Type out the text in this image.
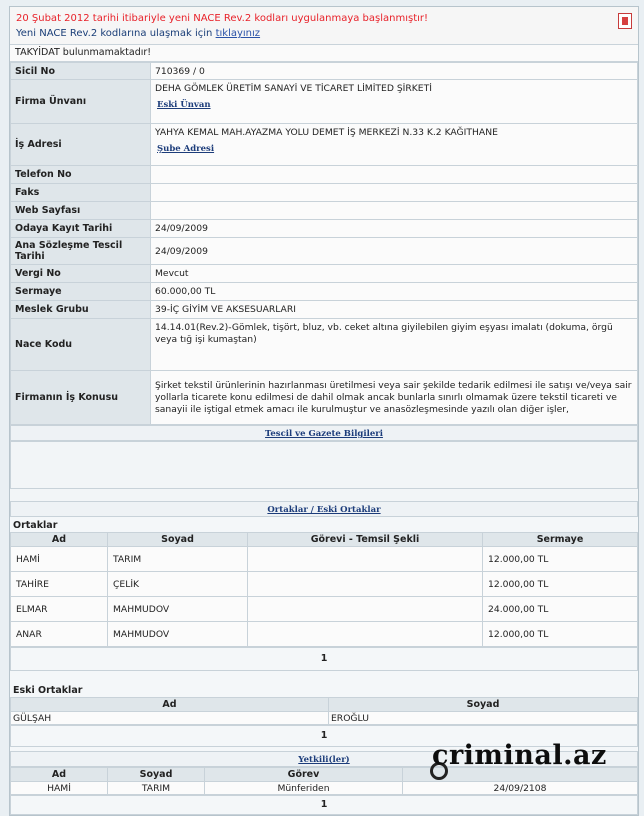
20 Şubat 2012 tarihi itibariyle yeni NACE Rev.2 kodları uygulanmaya başlanmıştır!
Yeni NACE Rev.2 kodlarına ulaşmak için tıklayınız
TAKYİDAT bulunmamaktadır!
Sicil No	710369 / 0
Firma Ünvanı	DEHA GÖMLEK ÜRETİM SANAYİ VE TİCARET LİMİTED ŞİRKETİ
Eski Ünvan
İş Adresi	YAHYA KEMAL MAH.AYAZMA YOLU DEMET İŞ MERKEZİ N.33 K.2 KAĞITHANE
Şube Adresi
Telefon No	
Faks	
Web Sayfası	
Odaya Kayıt Tarihi	24/09/2009
Ana Sözleşme Tescil Tarihi	24/09/2009
Vergi No	Mevcut
Sermaye	60.000,00 TL
Meslek Grubu	39-İÇ GİYİM VE AKSESUARLARI
Nace Kodu	14.14.01(Rev.2)-Gömlek, tişört, bluz, vb. ceket altına giyilebilen giyim eşyası imalatı (dokuma, örgü veya tığ işi kumaştan)
Firmanın İş Konusu	Şirket tekstil ürünlerinin hazırlanması üretilmesi veya sair şekilde tedarik edilmesi ile satışı ve/veya sair yollarla ticarete konu edilmesi de dahil olmak ancak bunlarla sınırlı olmamak üzere tekstil ticareti ve sanayii ile iştigal etmek amacı ile kurulmuştur ve anasözleşmesinde yazılı olan diğer işler,
Tescil ve Gazete Bilgileri
Ortaklar / Eski Ortaklar
Ortaklar
Ad	Soyad	Görevi - Temsil Şekli	Sermaye
HAMİ	TARIM		12.000,00 TL
TAHİRE	ÇELİK		12.000,00 TL
ELMAR	MAHMUDOV		24.000,00 TL
ANAR	MAHMUDOV		12.000,00 TL
1
Eski Ortaklar
Ad	Soyad
GÜLŞAH	EROĞLU
1
Yetkili(ler)
Ad	Soyad	Görev	
HAMİ	TARIM	Münferiden	24/09/2108
1
criminal.az
